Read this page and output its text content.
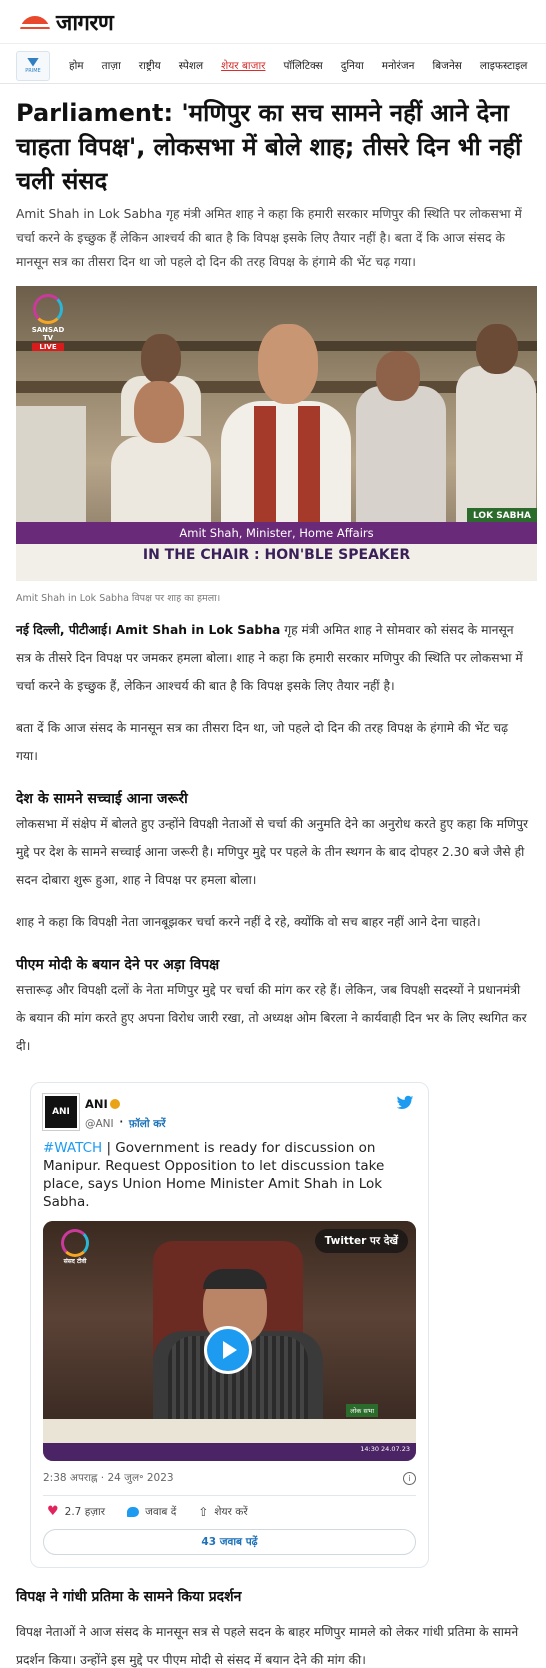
जागरण
PRIME	होम	ताज़ा	राष्ट्रीय	स्पेशल	शेयर बाजार	पॉलिटिक्स	दुनिया	मनोरंजन	बिजनेस	लाइफस्टाइल
Parliament: 'मणिपुर का सच सामने नहीं आने देना चाहता विपक्ष', लोकसभा में बोले शाह; तीसरे दिन भी नहीं चली संसद

Amit Shah in Lok Sabha गृह मंत्री अमित शाह ने कहा कि हमारी सरकार मणिपुर की स्थिति पर लोकसभा में चर्चा करने के इच्छुक हैं लेकिन आश्चर्य की बात है कि विपक्ष इसके लिए तैयार नहीं है। बता दें कि आज संसद के मानसून सत्र का तीसरा दिन था जो पहले दो दिन की तरह विपक्ष के हंगामे की भेंट चढ़ गया।

SANSAD TV
LIVE
LOK SABHA
Amit Shah, Minister, Home Affairs
IN THE CHAIR : HON'BLE SPEAKER

Amit Shah in Lok Sabha विपक्ष पर शाह का हमला।

नई दिल्ली, पीटीआई। Amit Shah in Lok Sabha गृह मंत्री अमित शाह ने सोमवार को संसद के मानसून सत्र के तीसरे दिन विपक्ष पर जमकर हमला बोला। शाह ने कहा कि हमारी सरकार मणिपुर की स्थिति पर लोकसभा में चर्चा करने के इच्छुक हैं, लेकिन आश्चर्य की बात है कि विपक्ष इसके लिए तैयार नहीं है।

बता दें कि आज संसद के मानसून सत्र का तीसरा दिन था, जो पहले दो दिन की तरह विपक्ष के हंगामे की भेंट चढ़ गया।

देश के सामने सच्चाई आना जरूरी

लोकसभा में संक्षेप में बोलते हुए उन्होंने विपक्षी नेताओं से चर्चा की अनुमति देने का अनुरोध करते हुए कहा कि मणिपुर मुद्दे पर देश के सामने सच्चाई आना जरूरी है। मणिपुर मुद्दे पर पहले के तीन स्थगन के बाद दोपहर 2.30 बजे जैसे ही सदन दोबारा शुरू हुआ, शाह ने विपक्ष पर हमला बोला।

शाह ने कहा कि विपक्षी नेता जानबूझकर चर्चा करने नहीं दे रहे, क्योंकि वो सच बाहर नहीं आने देना चाहते।

पीएम मोदी के बयान देने पर अड़ा विपक्ष

सत्तारूढ़ और विपक्षी दलों के नेता मणिपुर मुद्दे पर चर्चा की मांग कर रहे हैं। लेकिन, जब विपक्षी सदस्यों ने प्रधानमंत्री के बयान की मांग करते हुए अपना विरोध जारी रखा, तो अध्यक्ष ओम बिरला ने कार्यवाही दिन भर के लिए स्थगित कर दी।

ANI
ANI
@ANI · फ़ॉलो करें

#WATCH | Government is ready for discussion on Manipur. Request Opposition to let discussion take place, says Union Home Minister Amit Shah in Lok Sabha.

संसद टीवी
Twitter पर देखें
लोक सभा
14:30 24.07.23
2:38 अपराह्न · 24 जुल॰ 2023	i
♥ 2.7 हज़ार	जवाब दें ⇧ शेयर करें
43 जवाब पढ़ें
विपक्ष ने गांधी प्रतिमा के सामने किया प्रदर्शन

विपक्ष नेताओं ने आज संसद के मानसून सत्र से पहले सदन के बाहर मणिपुर मामले को लेकर गांधी प्रतिमा के सामने प्रदर्शन किया। उन्होंने इस मुद्दे पर पीएम मोदी से संसद में बयान देने की मांग की।
